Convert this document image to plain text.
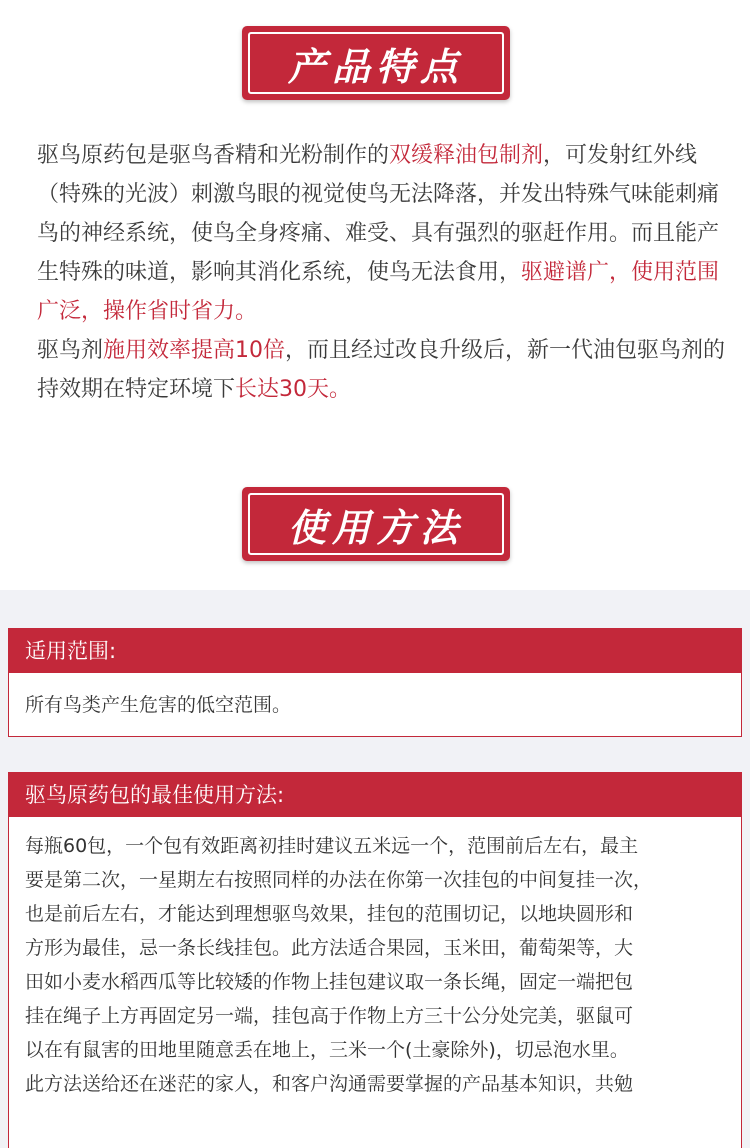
产品特点

驱鸟原药包是驱鸟香精和光粉制作的双缓释油包制剂，可发射红外线（特殊的光波）刺激鸟眼的视觉使鸟无法降落，并发出特殊气味能刺痛鸟的神经系统，使鸟全身疼痛、难受、具有强烈的驱赶作用。而且能产生特殊的味道，影响其消化系统，使鸟无法食用，驱避谱广，使用范围广泛，操作省时省力。

驱鸟剂施用效率提高10倍，而且经过改良升级后，新一代油包驱鸟剂的持效期在特定环境下长达30天。

使用方法
适用范围:
所有鸟类产生危害的低空范围。
驱鸟原药包的最佳使用方法:
每瓶60包，一个包有效距离初挂时建议五米远一个，范围前后左右，最主
要是第二次，一星期左右按照同样的办法在你第一次挂包的中间复挂一次，
也是前后左右，才能达到理想驱鸟效果，挂包的范围切记，以地块圆形和
方形为最佳，忌一条长线挂包。此方法适合果园，玉米田，葡萄架等，大
田如小麦水稻西瓜等比较矮的作物上挂包建议取一条长绳，固定一端把包
挂在绳子上方再固定另一端，挂包高于作物上方三十公分处完美，驱鼠可
以在有鼠害的田地里随意丢在地上，三米一个(土豪除外)，切忌泡水里。
此方法送给还在迷茫的家人，和客户沟通需要掌握的产品基本知识，共勉
